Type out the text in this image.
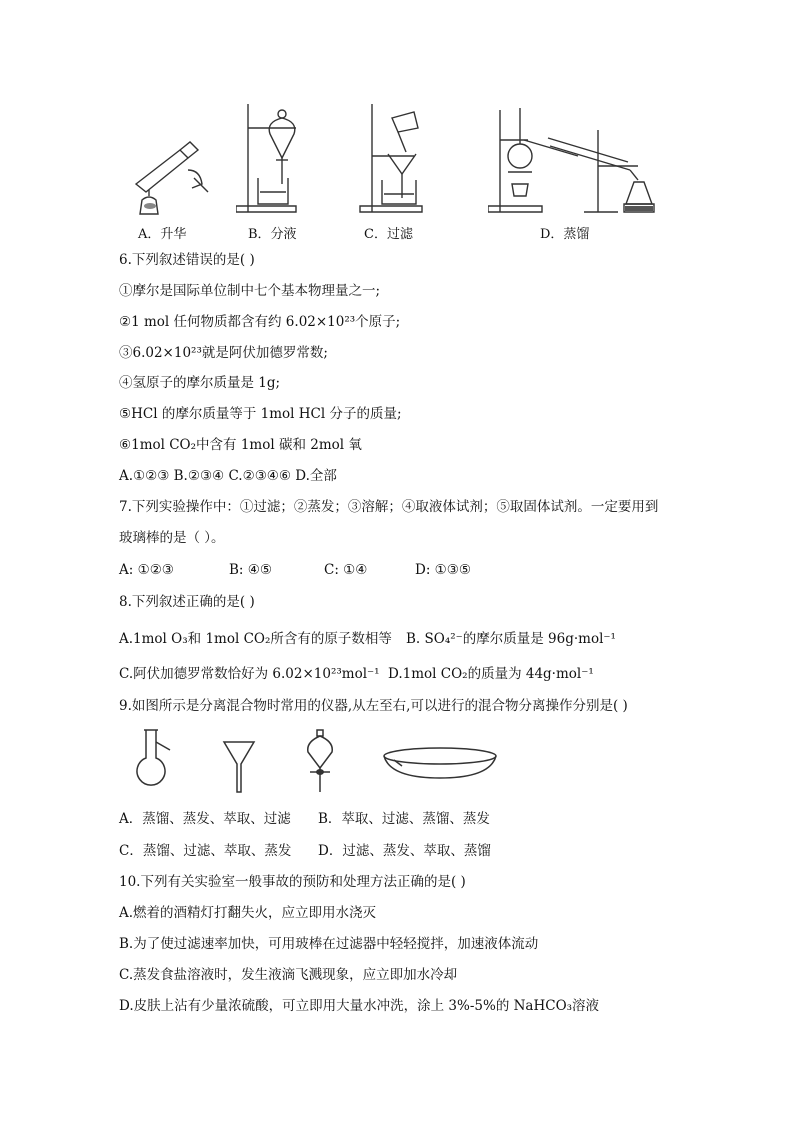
A．升华	B．分液	C．过滤	D．蒸馏
6.下列叙述错误的是( )
①摩尔是国际单位制中七个基本物理量之一;
②1 mol 任何物质都含有约 6.02×10²³个原子;
③6.02×10²³就是阿伏加德罗常数;
④氢原子的摩尔质量是 1g;
⑤HCl 的摩尔质量等于 1mol HCl 分子的质量;
⑥1mol CO₂中含有 1mol 碳和 2mol 氧
A.①②③ B.②③④ C.②③④⑥ D.全部
7.下列实验操作中：①过滤；②蒸发；③溶解；④取液体试剂；⑤取固体试剂。一定要用到
玻璃棒的是（ ）。
A: ①②③	B: ④⑤	C: ①④	D: ①③⑤
8.下列叙述正确的是( )
A.1mol O₃和 1mol CO₂所含有的原子数相等 B. SO₄²⁻的摩尔质量是 96g·mol⁻¹
C.阿伏加德罗常数恰好为 6.02×10²³mol⁻¹ D.1mol CO₂的质量为 44g·mol⁻¹
9.如图所示是分离混合物时常用的仪器,从左至右,可以进行的混合物分离操作分别是( )
A．蒸馏、蒸发、萃取、过滤 B．萃取、过滤、蒸馏、蒸发
C．蒸馏、过滤、萃取、蒸发 D．过滤、蒸发、萃取、蒸馏
10.下列有关实验室一般事故的预防和处理方法正确的是( )
A.燃着的酒精灯打翻失火，应立即用水浇灭
B.为了使过滤速率加快，可用玻棒在过滤器中轻轻搅拌，加速液体流动
C.蒸发食盐溶液时，发生液滴飞溅现象，应立即加水冷却
D.皮肤上沾有少量浓硫酸，可立即用大量水冲洗，涂上 3%-5%的 NaHCO₃溶液
